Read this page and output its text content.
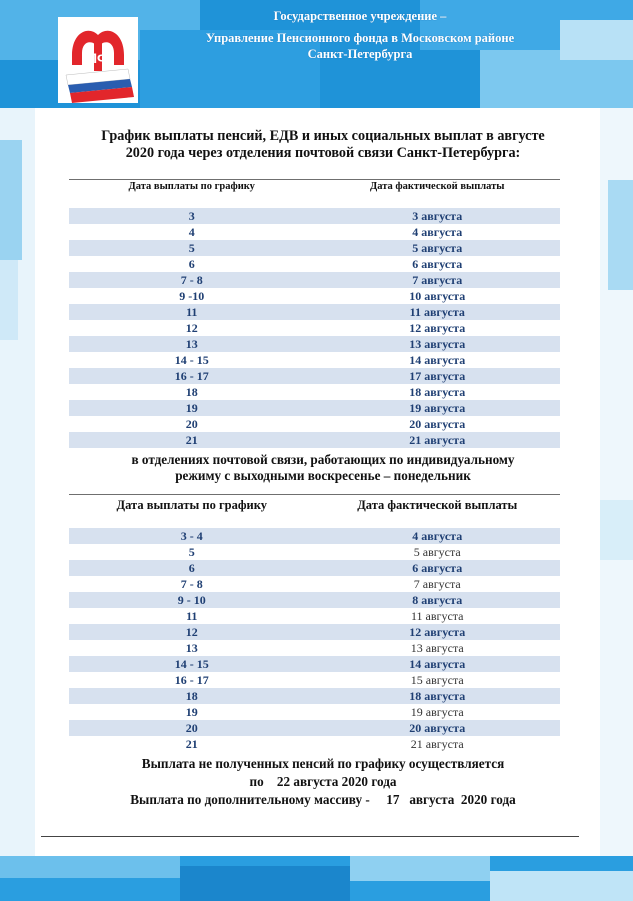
ПФ
Государственное учреждение –
Управление Пенсионного фонда в Московском районе
Санкт-Петербурга
График выплаты пенсий, ЕДВ и иных социальных выплат в августе
2020 года через отделения почтовой связи Санкт-Петербурга:
Дата выплаты по графику	Дата фактической выплаты
3	3 августа
4	4 августа
5	5 августа
6	6 августа
7 - 8	7 августа
9 -10	10 августа
11	11 августа
12	12 августа
13	13 августа
14 - 15	14 августа
16 - 17	17 августа
18	18 августа
19	19 августа
20	20 августа
21	21 августа
в отделениях почтовой связи, работающих по индивидуальному
режиму с выходными воскресенье – понедельник
Дата выплаты по графику	Дата фактической выплаты
3 - 4	4 августа
5	5 августа
6	6 августа
7 - 8	7 августа
9 - 10	8 августа
11	11 августа
12	12 августа
13	13 августа
14 - 15	14 августа
16 - 17	15 августа
18	18 августа
19	19 августа
20	20 августа
21	21 августа
Выплата не полученных пенсий по графику осуществляется
по    22 августа 2020 года
Выплата по дополнительному массиву -     17   августа  2020 года
